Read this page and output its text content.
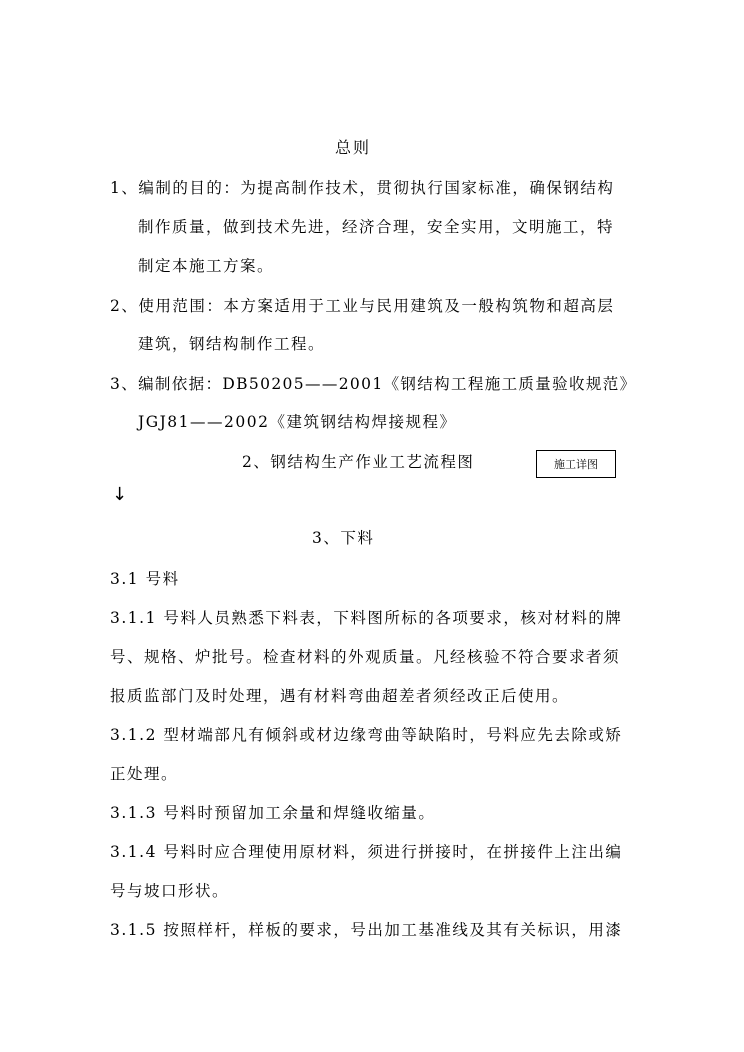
总则
1、编制的目的：为提高制作技术，贯彻执行国家标准，确保钢结构
制作质量，做到技术先进，经济合理，安全实用，文明施工，特
制定本施工方案。
2、使用范围：本方案适用于工业与民用建筑及一般构筑物和超高层
建筑，钢结构制作工程。
3、编制依据：DB50205——2001《钢结构工程施工质量验收规范》
JGJ81——2002《建筑钢结构焊接规程》
2、钢结构生产作业工艺流程图	施工详图
↓
3、下料
3.1 号料
3.1.1 号料人员熟悉下料表，下料图所标的各项要求，核对材料的牌
号、规格、炉批号。检查材料的外观质量。凡经核验不符合要求者须
报质监部门及时处理，遇有材料弯曲超差者须经改正后使用。
3.1.2 型材端部凡有倾斜或材边缘弯曲等缺陷时，号料应先去除或矫
正处理。
3.1.3 号料时预留加工余量和焊缝收缩量。
3.1.4 号料时应合理使用原材料，须进行拼接时，在拼接件上注出编
号与坡口形状。
3.1.5 按照样杆，样板的要求，号出加工基准线及其有关标识，用漆
